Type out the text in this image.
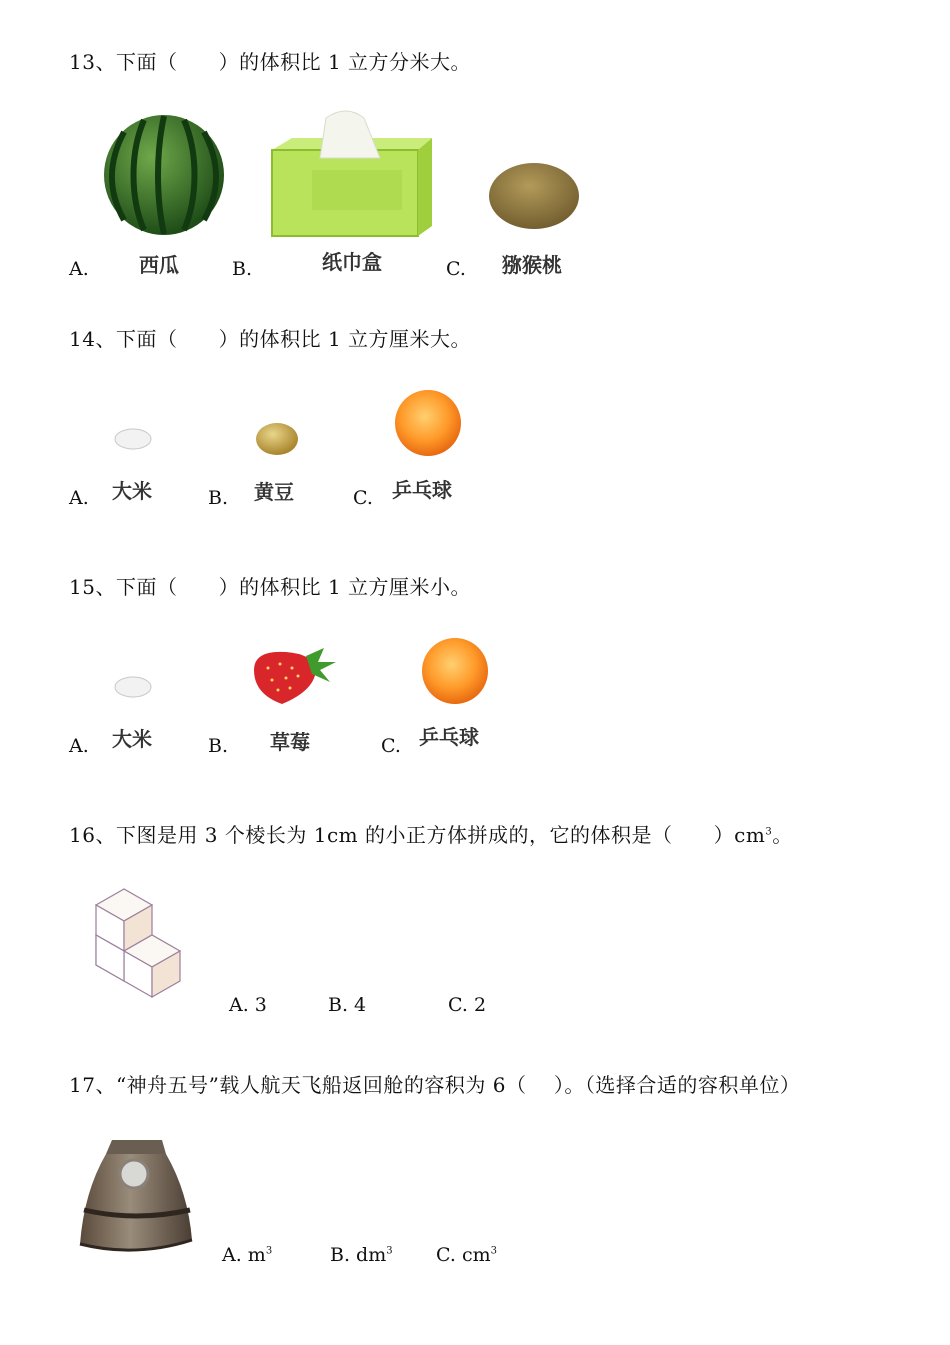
13、下面（      ）的体积比 1 立方分米大。
A.	西瓜	B.	纸巾盒	C. 猕猴桃
14、下面（      ）的体积比 1 立方厘米大。
A. 大米	B. 黄豆	C. 乒乓球
15、下面（      ）的体积比 1 立方厘米小。
A. 大米	B. 草莓	C. 乒乓球
16、下图是用 3 个棱长为 1cm 的小正方体拼成的，它的体积是（      ）$cm^3$。
A. 3	B. 4	C. 2
17、“神舟五号”载人航天飞船返回舱的容积为 6（    ）。（选择合适的容积单位）
A. $m^3$	B. $dm^3$ C. $cm^3$
